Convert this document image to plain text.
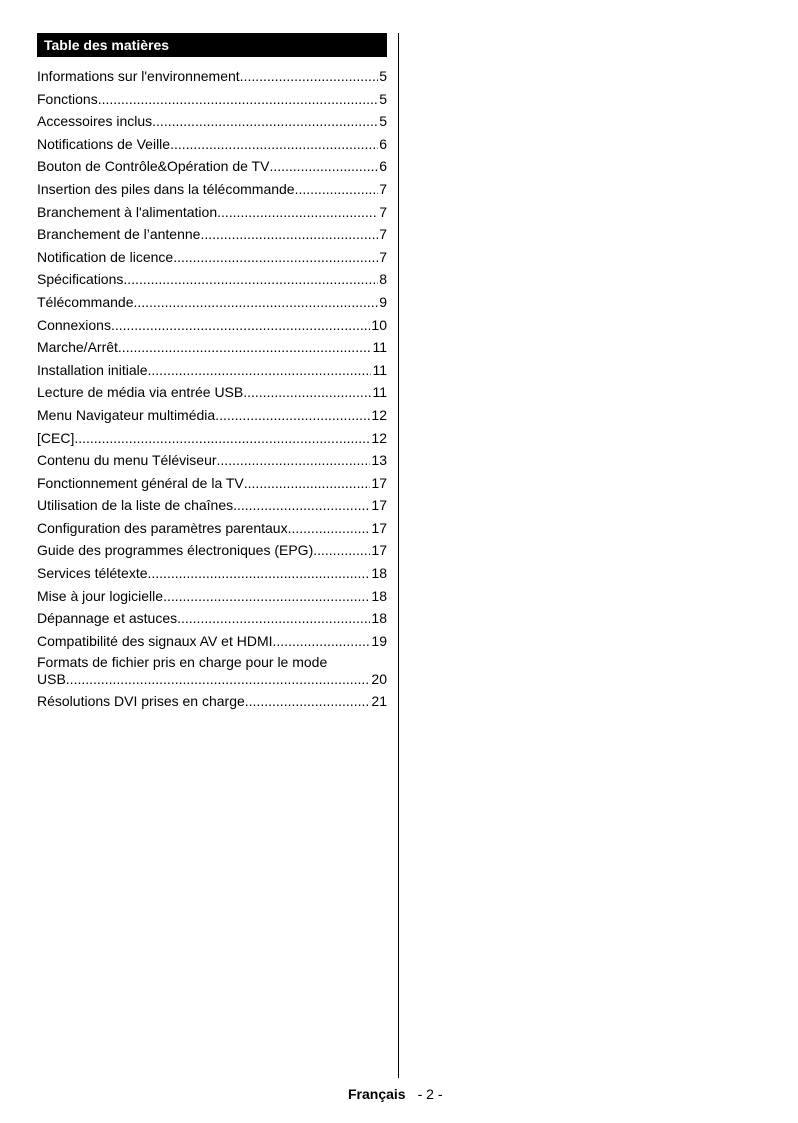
Table des matières
Informations sur l'environnement .....	5
Fonctions .....	5
Accessoires inclus .....	5
Notifications de Veille .....	6
Bouton de Contrôle&Opération de TV .....	6
Insertion des piles dans la télécommande .....	7
Branchement à l'alimentation .....	7
Branchement de l’antenne .....	7
Notification de licence .....	7
Spécifications .....	8
Télécommande .....	9
Connexions .....	10
Marche/Arrêt .....	11
Installation initiale .....	11
Lecture de média via entrée USB .....	11
Menu Navigateur multimédia .....	12
[CEC] .....	12
Contenu du menu Téléviseur .....	13
Fonctionnement général de la TV .....	17
Utilisation de la liste de chaînes .....	17
Configuration des paramètres parentaux .....	17
Guide des programmes électroniques (EPG) .....	17
Services télétexte .....	18
Mise à jour logicielle .....	18
Dépannage et astuces .....	18
Compatibilité des signaux AV et HDMI .....	19
Formats de fichier pris en charge pour le mode
USB .....	20
Résolutions DVI prises en charge .....	21
Français - 2 -
